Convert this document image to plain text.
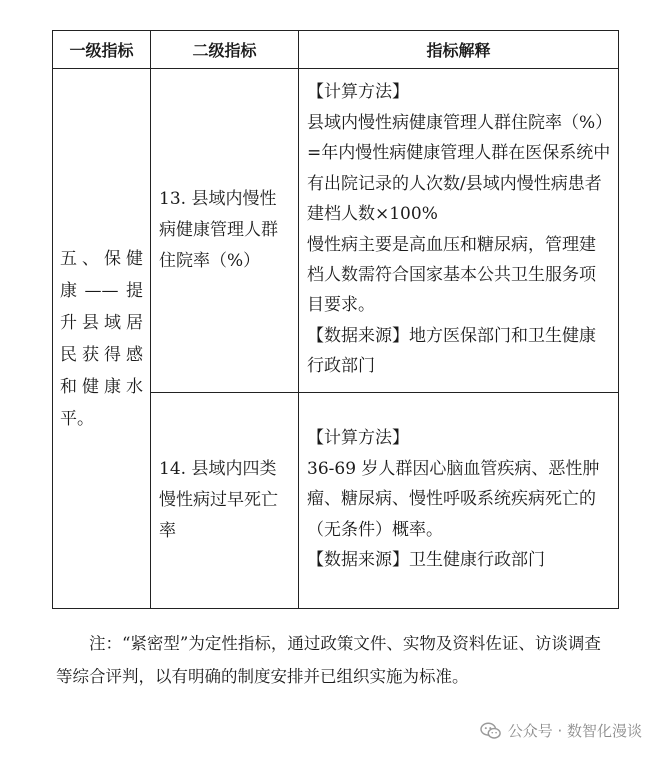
一级指标	二级指标	指标解释
五、保健康——提升县域居民获得感和健康水平。	13. 县域内慢性病健康管理人群住院率（%）	【计算方法】

县域内慢性病健康管理人群住院率（%）=年内慢性病健康管理人群在医保系统中有出院记录的人次数/县域内慢性病患者建档人数×100%

慢性病主要是高血压和糖尿病，管理建档人数需符合国家基本公共卫生服务项目要求。

【数据来源】地方医保部门和卫生健康行政部门

	14. 县域内四类慢性病过早死亡率	【计算方法】

36-69 岁人群因心脑血管疾病、恶性肿瘤、糖尿病、慢性呼吸系统疾病死亡的（无条件）概率。

【数据来源】卫生健康行政部门

注：“紧密型”为定性指标，通过政策文件、实物及资料佐证、访谈调查等综合评判，以有明确的制度安排并已组织实施为标准。

公众号 · 数智化漫谈
